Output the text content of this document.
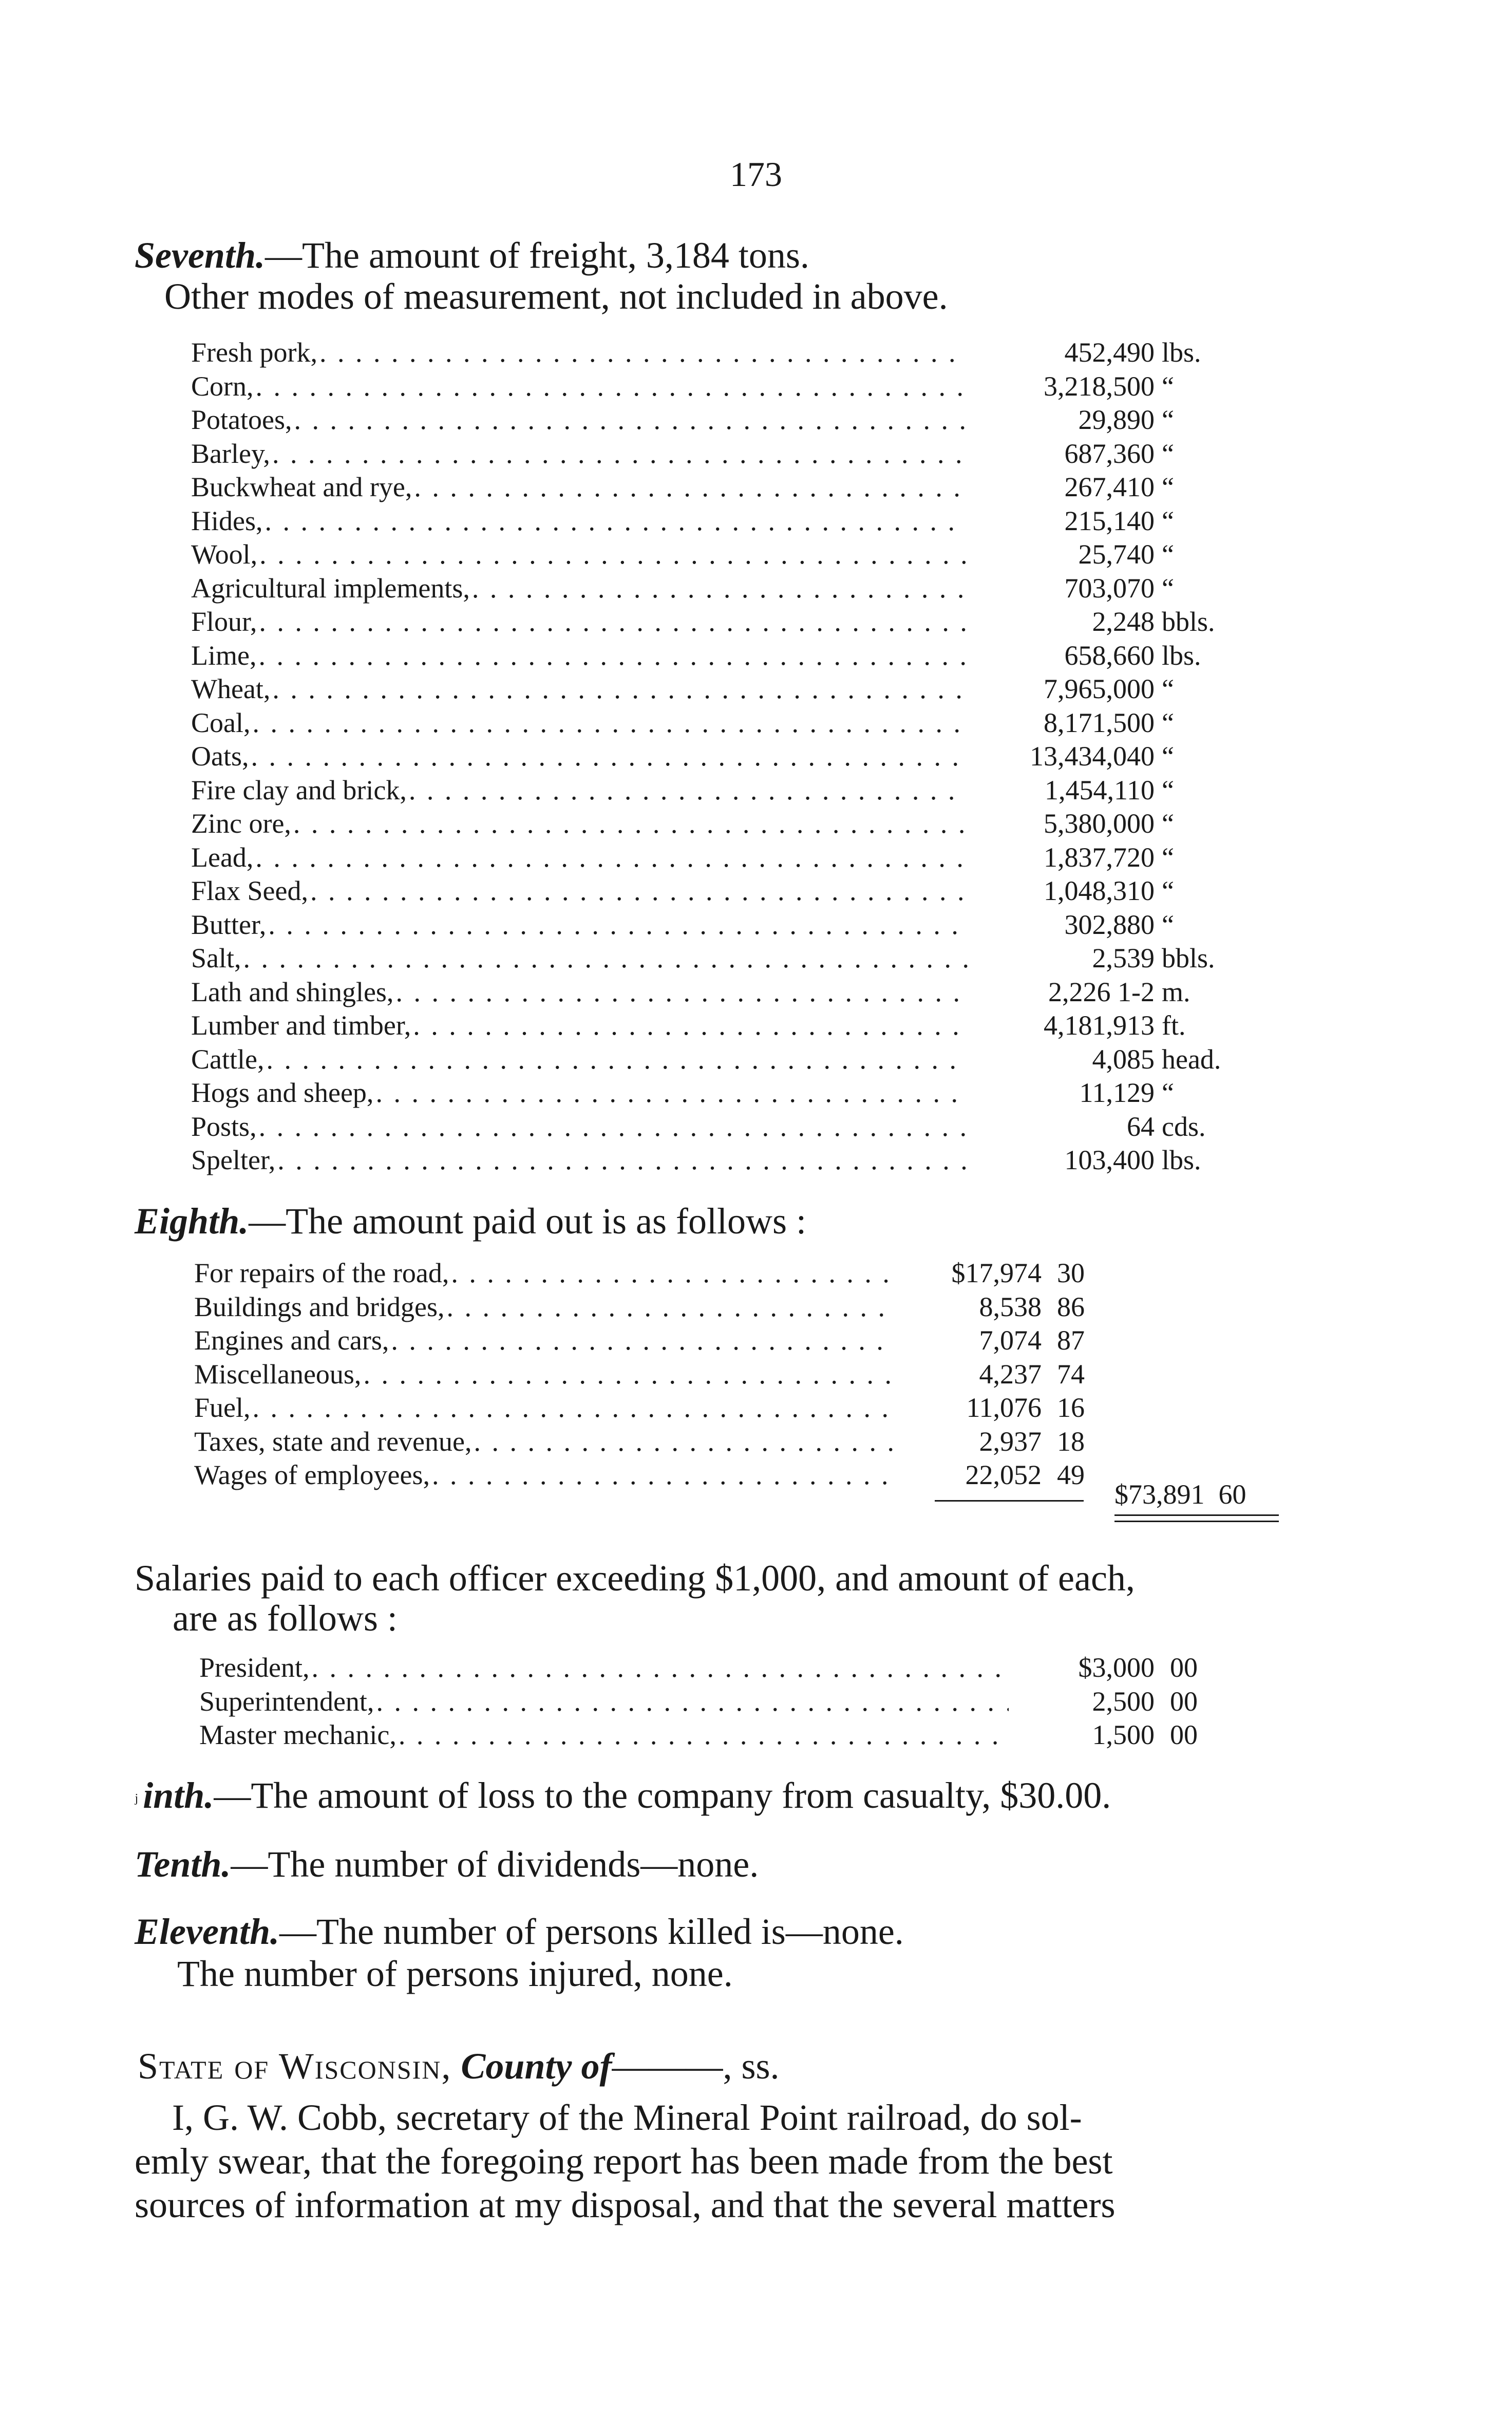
173
Seventh.—The amount of freight, 3,184 tons.
Other modes of measurement, not included in above.
Fresh pork, . . .	452,490 lbs.
Corn, . . .	3,218,500 “
Potatoes, . . .	29,890 “
Barley, . . .	687,360 “
Buckwheat and rye, . . .	267,410 “
Hides, . . .	215,140 “
Wool, . . .	25,740 “
Agricultural implements, . . .	703,070 “
Flour, . . .	2,248 bbls.
Lime, . . .	658,660 lbs.
Wheat, . . .	7,965,000 “
Coal, . . .	8,171,500 “
Oats, . . .	13,434,040 “
Fire clay and brick, . . .	1,454,110 “
Zinc ore, . . .	5,380,000 “
Lead, . . .	1,837,720 “
Flax Seed, . . .	1,048,310 “
Butter, . . .	302,880 “
Salt, . . .	2,539 bbls.
Lath and shingles, . . .	2,226 1-2 m.
Lumber and timber, . . .	4,181,913 ft.
Cattle, . . .	4,085 head.
Hogs and sheep, . . .	11,129 “
Posts, . . .	64 cds.
Spelter, . . .	103,400 lbs.
Eighth.—The amount paid out is as follows :
For repairs of the road, . . .	$17,974 30
Buildings and bridges, . . .	8,538 86
Engines and cars, . . .	7,074 87
Miscellaneous, . . .	4,237 74
Fuel, . . .	11,076 16
Taxes, state and revenue, . . .	2,937 18
Wages of employees, . . .	22,052 49
$73,891 60
Salaries paid to each officer exceeding $1,000, and amount of each,
are as follows :
President, . . .	$3,000 00
Superintendent, . . .	2,500 00
Master mechanic, . . .	1,500 00
ʲ inth.—The amount of loss to the company from casualty, $30.00.
Tenth.—The number of dividends—none.
Eleventh.—The number of persons killed is—none.
The number of persons injured, none.
State of Wisconsin, County of———, ss.
I, G. W. Cobb, secretary of the Mineral Point railroad, do sol-
emly swear, that the foregoing report has been made from the best
sources of information at my disposal, and that the several matters
